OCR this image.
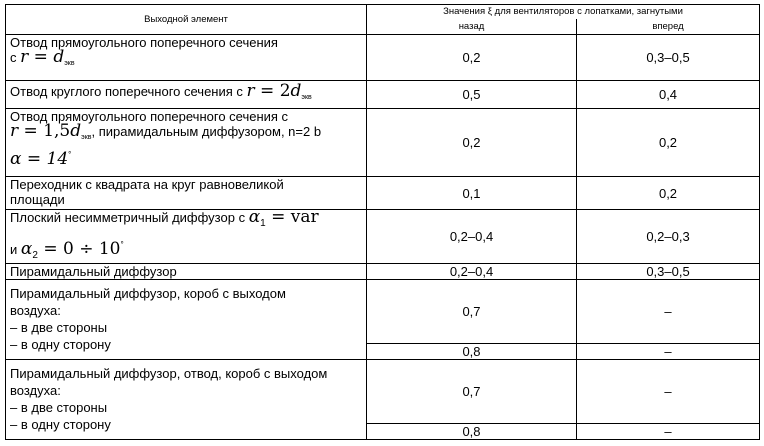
Выходной элемент	Значения ξ для вентиляторов с лопатками, загнутыми	
	назад	вперед

Отвод прямоугольного поперечного сечения
с $r = d_{экв}$	0,2	0,3–0,5
Отвод круглого поперечного сечения с $r = 2d_{экв}$	0,5	0,4

Отвод прямоугольного поперечного сечения с
$r = 1,5d_{экв}$, пирамидальным диффузором, n=2 b
α = 14°	0,2	0,2

Переходник с квадрата на круг равновеликой
площади	0,1	0,2

Плоский несимметричный диффузор с $\alpha_1$ = var
и $\alpha_2 = 0 \div 10^\circ$	0,2–0,4	0,2–0,3
Пирамидальный диффузор	0,2–0,4	0,3–0,5

Пирамидальный диффузор, короб с выходом
воздуха:
– в две стороны
– в одну сторону	0,7	–
	0,8	–

Пирамидальный диффузор, отвод, короб с выходом
воздуха:
– в две стороны
– в одну сторону	0,7	–
	0,8	–
